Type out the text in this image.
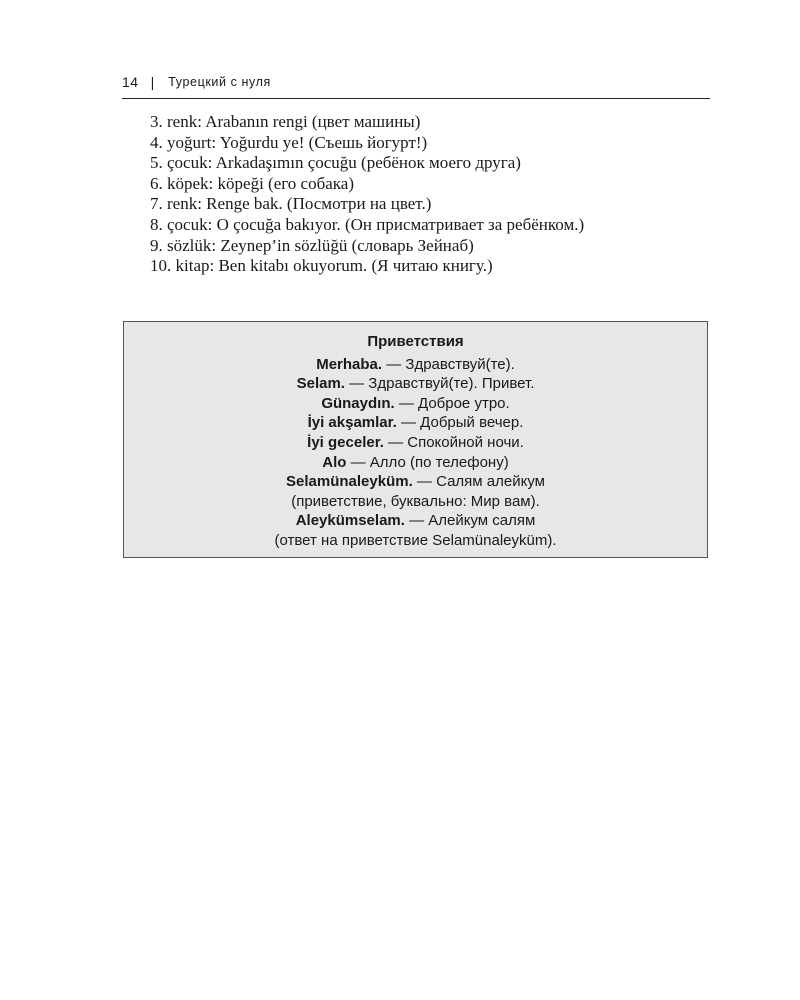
14 | Турецкий с нуля
3. renk: Arabanın rengi (цвет машины)
4. yoğurt: Yoğurdu ye! (Съешь йогурт!)
5. çocuk: Arkadaşımın çocuğu (ребёнок моего друга)
6. köpek: köpeği (его собака)
7. renk: Renge bak. (Посмотри на цвет.)
8. çocuk: O çocuğa bakıyor. (Он присматривает за ребёнком.)
9. sözlük: Zeynep’in sözlüğü (словарь Зейнаб)
10. kitap: Ben kitabı okuyorum. (Я читаю книгу.)
Приветствия
Merhaba. — Здравствуй(те).
Selam. — Здравствуй(те). Привет.
Günaydın. — Доброе утро.
İyi akşamlar. — Добрый вечер.
İyi geceler. — Спокойной ночи.
Alo — Алло (по телефону)
Selamünaleyküm. — Салям алейкум
(приветствие, буквально: Мир вам).
Aleykümselam. — Алейкум салям
(ответ на приветствие Selamünaleyküm).
